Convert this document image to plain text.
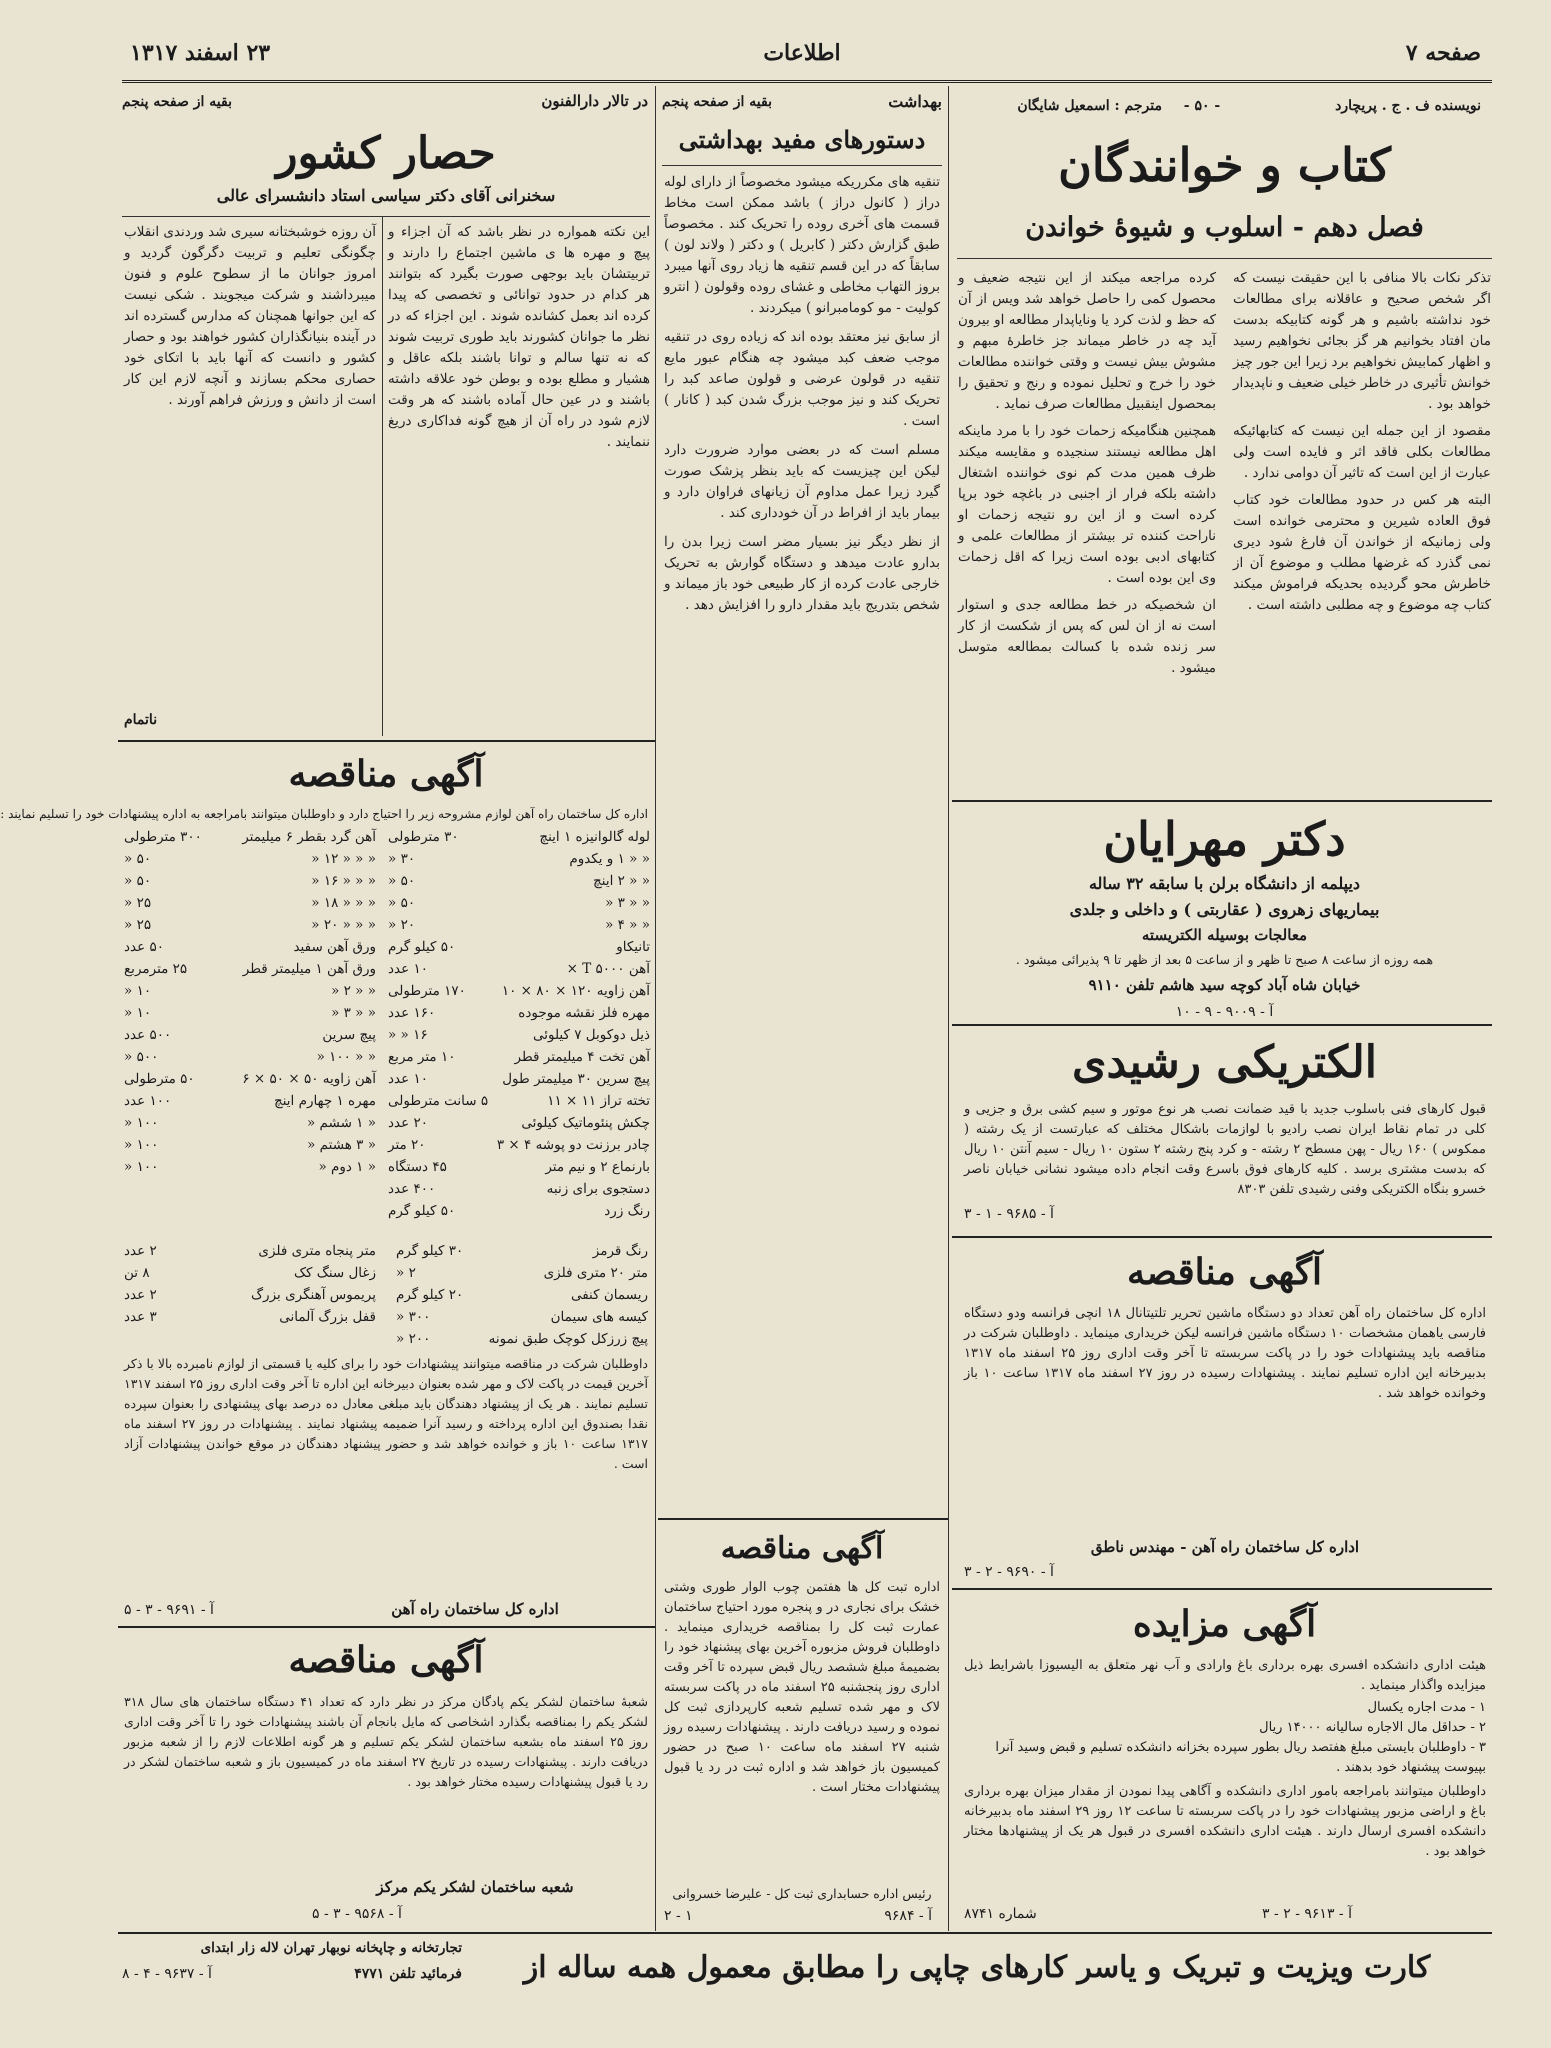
صفحه ۷
اطلاعات
۲۳ اسفند ۱۳۱۷
نویسنده ف . ج . پریچارد
- ۵۰ -
مترجم : اسمعیل شایگان
کتاب و خوانندگان
فصل دهم - اسلوب و شیوهٔ خواندن

تذکر نکات بالا منافی با این حقیقت نیست که اگر شخص صحیح و عاقلانه برای مطالعات خود نداشته باشیم و هر گونه کتابیکه بدست مان افتاد بخوانیم هر گز بجائی نخواهیم رسید و اظهار کمابیش نخواهیم برد زیرا این جور چیز خوانش تأثیری در خاطر خیلی ضعیف و ناپدیدار خواهد بود .

مقصود از این جمله این نیست که کتابهائیکه مطالعات بکلی فاقد اثر و فایده است ولی عبارت از این است که تاثیر آن دوامی ندارد .

البته هر کس در حدود مطالعات خود کتاب فوق العاده شیرین و محترمی خوانده است ولی زمانیکه از خواندن آن فارغ شود دیری نمی گذرد که غرضها مطلب و موضوع آن از خاطرش محو گردیده بحدیکه فراموش میکند کتاب چه موضوع و چه مطلبی داشته است .

کرده مراجعه میکند از این نتیجه ضعیف و محصول کمی را حاصل خواهد شد ویس از آن که حظ و لذت کرد یا ونایاپدار مطالعه او بیرون آید چه در خاطر میماند جز خاطرهٔ مبهم و مشوش بیش نیست و وقتی خواننده مطالعات خود را خرج و تحلیل نموده و رنج و تحقیق را بمحصول اینقبیل مطالعات صرف نماید .

همچنین هنگامیکه زحمات خود را با مرد ماینکه اهل مطالعه نیستند سنجیده و مقایسه میکند ظرف همین مدت کم نوی خواننده اشتغال داشته بلکه فرار از اجنبی در باغچه خود برپا کرده است و از این رو نتیجه زحمات او ناراحت کننده تر بیشتر از مطالعات علمی و کتابهای ادبی بوده است زیرا که اقل زحمات وی این بوده است .

ان شخصیکه در خط مطالعه جدی و استوار است نه از ان لس که پس از شکست از کار سر زنده شده با کسالت بمطالعه متوسل میشود .

دکتر مهرایان
دیپلمه از دانشگاه برلن با سابقه ۳۲ ساله
بیماریهای زهروی ( عقاربتی ) و داخلی و جلدی
معالجات بوسیله الکتریسته
همه روزه از ساعت ۸ صبح تا ظهر و از ساعت ۵ بعد از ظهر تا ۹ پذیرائی میشود .
خیابان شاه آباد کوچه سید هاشم تلفن ۹۱۱۰
آ - ۹۰۰۹ - ۹ - ۱۰
الکتریکی رشیدی
قبول کارهای فنی باسلوب جدید با قید ضمانت نصب هر نوع موتور و سیم کشی برق و جزیی و کلی در تمام نقاط ایران نصب رادیو با لوازمات باشکال مختلف که عبارتست از یک رشته ( ممکوس ) ۱۶۰ ریال - پهن مسطح ۲ رشته - و کرد پنج رشته ۲ ستون ۱۰ ریال - سیم آنتن ۱۰ ریال که بدست مشتری برسد . کلیه کارهای فوق باسرع وقت انجام داده میشود نشانی خیابان ناصر خسرو بنگاه الکتریکی وفنی رشیدی تلفن ۸۳۰۳
آ - ۹۶۸۵ - ۱ - ۳
آگهی مناقصه
اداره کل ساختمان راه آهن تعداد دو دستگاه ماشین تحریر تلتیتانال ۱۸ انچی فرانسه ودو دستگاه فارسی یاهمان مشخصات ۱۰ دستگاه ماشین فرانسه لیکن خریداری مینماید . داوطلبان شرکت در مناقصه باید پیشنهادات خود را در پاکت سربسته تا آخر وقت اداری روز ۲۵ اسفند ماه ۱۳۱۷ بدبیرخانه این اداره تسلیم نمایند . پیشنهادات رسیده در روز ۲۷ اسفند ماه ۱۳۱۷ ساعت ۱۰ باز وخوانده خواهد شد .
اداره کل ساختمان راه آهن - مهندس ناطق
آ - ۹۶۹۰ - ۲ - ۳
آگهی مزایده
هیئت اداری دانشکده افسری بهره برداری باغ وارادی و آب نهر متعلق به الیسیوزا باشرایط ذیل میزایده واگذار مینماید .
۱ - مدت اجاره یکسال
۲ - حداقل مال الاجاره سالیانه ۱۴۰۰۰ ریال
۳ - داوطلبان بایستی مبلغ هفتصد ریال بطور سپرده بخزانه دانشکده تسلیم و قبض وسید آنرا بپیوست پیشنهاد خود بدهند .
داوطلبان میتوانند بامراجعه بامور اداری دانشکده و آگاهی پیدا نمودن از مقدار میزان بهره برداری باغ و اراضی مزبور پیشنهادات خود را در پاکت سربسته تا ساعت ۱۲ روز ۲۹ اسفند ماه بدبیرخانه دانشکده افسری ارسال دارند . هیئت اداری دانشکده افسری در قبول هر یک از پیشنهادها مختار خواهد بود .
شماره ۸۷۴۱	آ - ۹۶۱۳ - ۲ - ۳
بهداشت
بقیه از صفحه پنجم
دستورهای مفید بهداشتی

تنقیه های مکرریکه میشود مخصوصاً از دارای لوله دراز ( کانول دراز ) باشد ممکن است مخاط قسمت های آخری روده را تحریک کند . مخصوصاً طبق گزارش دکتر ( کابریل ) و دکتر ( ولاند لون ) سابقاً که در این قسم تنقیه ها زیاد روی آنها میبرد بروز التهاب مخاطی و غشای روده وقولون ( انترو کولیت - مو کومامبرانو ) میکردند .

از سابق نیز معتقد بوده اند که زیاده روی در تنقیه موجب ضعف کبد میشود چه هنگام عبور مایع تنقیه در قولون عرضی و قولون صاعد کبد را تحریک کند و نیز موجب بزرگ شدن کبد ( کانار ) است .

مسلم است که در بعضی موارد ضرورت دارد لیکن این چیزیست که باید بنظر پزشک صورت گیرد زیرا عمل مداوم آن زیانهای فراوان دارد و بیمار باید از افراط در آن خودداری کند .

از نظر دیگر نیز بسیار مضر است زیرا بدن را بدارو عادت میدهد و دستگاه گوارش به تحریک خارجی عادت کرده از کار طبیعی خود باز میماند و شخص بتدریج باید مقدار دارو را افزایش دهد .

آگهی مناقصه
اداره تبت کل ها هفتمن چوب الوار طوری وشتی خشک برای نجاری در و پنجره مورد احتیاج ساختمان عمارت ثبت کل را بمناقصه خریداری مینماید . داوطلبان فروش مزبوره آخرین بهای پیشنهاد خود را بضمیمهٔ مبلغ ششصد ریال قبض سپرده تا آخر وقت اداری روز پنجشنبه ۲۵ اسفند ماه در پاکت سربسته لاک و مهر شده تسلیم شعبه کارپردازی ثبت کل نموده و رسید دریافت دارند . پیشنهادات رسیده روز شنبه ۲۷ اسفند ماه ساعت ۱۰ صبح در حضور کمیسیون باز خواهد شد و اداره ثبت در رد یا قبول پیشنهادات مختار است .
رئیس اداره حسابداری ثبت کل - علیرضا خسروانی
۱ - ۲	آ - ۹۶۸۴
در تالار دارالفنون
بقیه از صفحه پنجم
حصار کشور
سخنرانی آقای دکتر سیاسی استاد دانشسرای عالی
این نکته همواره در نظر باشد که آن اجزاء و پیچ و مهره ها ی ماشین اجتماع را دارند و تربیتشان باید بوجهی صورت بگیرد که بتوانند هر کدام در حدود توانائی و تخصصی که پیدا کرده اند بعمل کشانده شوند . این اجزاء که در نظر ما جوانان کشورند باید طوری تربیت شوند که نه تنها سالم و توانا باشند بلکه عاقل و هشیار و مطلع بوده و بوطن خود علاقه داشته باشند و در عین حال آماده باشند که هر وقت لازم شود در راه آن از هیچ گونه فداکاری دریغ ننمایند .
آن روزه خوشبختانه سیری شد وردندی انقلاب چگونگی تعلیم و تربیت دگرگون گردید و امروز جوانان ما از سطوح علوم و فنون میبرداشند و شرکت میجویند . شکی نیست که این جوانها همچنان که مدارس گسترده اند در آینده بنیانگذاران کشور خواهند بود و حصار کشور و دانست که آنها باید با اتکای خود حصاری محکم بسازند و آنچه لازم این کار است از دانش و ورزش فراهم آورند .
ناتمام
آگهی مناقصه
اداره کل ساختمان راه آهن لوازم مشروحه زیر را احتیاج دارد و داوطلبان میتوانند بامراجعه به اداره پیشنهادات خود را تسلیم نمایند :
لوله گالوانیزه ۱ اینچ
۳۰ مترطولی
« « ۱ و یکدوم
۳۰ «
« « ۲ اینچ
۵۰ «
« « ۳ «
۵۰ «
« « ۴ «
۲۰ «
تانیکاو
۵۰ کیلو گرم
آهن T ۵۰۰۰ ×
۱۰ عدد
آهن زاویه ۱۲۰ × ۸۰ × ۱۰
۱۷۰ مترطولی
مهره فلز نقشه موجوده
۱۶۰ عدد
ذیل دوکوبل ۷ کیلوئی
۱۶ « «
آهن تخت ۴ میلیمتر قطر
۱۰ متر مربع
پیچ سرین ۳۰ میلیمتر طول
۱۰ عدد
تخته تراز ۱۱ × ۱۱
۵ سانت مترطولی
چکش پنئوماتیک کیلوئی
۲۰ عدد
چادر برزنت دو پوشه ۴ × ۳
۲۰ متر
بارنماع ۲ و نیم متر
۴۵ دستگاه
دستجوی برای زنبه
۴۰۰ عدد
رنگ زرد
۵۰ کیلو گرم
آهن گرد بقطر ۶ میلیمتر
۳۰۰ مترطولی
« « « ۱۲ «
۵۰ «
« « « ۱۶ «
۵۰ «
« « « ۱۸ «
۲۵ «
« « « ۲۰ «
۲۵ «
ورق آهن سفید
۵۰ عدد
ورق آهن ۱ میلیمتر قطر
۲۵ مترمربع
« « ۲ «
۱۰ «
« « ۳ «
۱۰ «
پیچ سرین
۵۰۰ عدد
« « ۱۰۰ «
۵۰۰ «
آهن زاویه ۵۰ × ۵۰ × ۶
۵۰ مترطولی
مهره ۱ چهارم اینچ
۱۰۰ عدد
« ۱ ششم «
۱۰۰ «
« ۳ هشتم «
۱۰۰ «
« ۱ دوم «
۱۰۰ «
رنگ قرمز
۳۰ کیلو گرم
متر پنجاه متری فلزی
۲ عدد
متر ۲۰ متری فلزی
۲ «
زغال سنگ کک
۸ تن
ریسمان کنفی
۲۰ کیلو گرم
پریموس آهنگری بزرگ
۲ عدد
کیسه های سیمان
۳۰۰ «
قفل بزرگ آلمانی
۳ عدد
پیچ زرزکل کوچک طبق نمونه
۲۰۰ «
داوطلبان شرکت در مناقصه میتوانند پیشنهادات خود را برای کلیه یا قسمتی از لوازم نامبرده بالا با ذکر آخرین قیمت در پاکت لاک و مهر شده بعنوان دبیرخانه این اداره تا آخر وقت اداری روز ۲۵ اسفند ۱۳۱۷ تسلیم نمایند . هر یک از پیشنهاد دهندگان باید مبلغی معادل ده درصد بهای پیشنهادی را بعنوان سپرده نقدا بصندوق این اداره پرداخته و رسید آنرا ضمیمه پیشنهاد نمایند . پیشنهادات در روز ۲۷ اسفند ماه ۱۳۱۷ ساعت ۱۰ باز و خوانده خواهد شد و حضور پیشنهاد دهندگان در موقع خواندن پیشنهادات آزاد است .
اداره کل ساختمان راه آهن
آ - ۹۶۹۱ - ۳ - ۵
آگهی مناقصه
شعبهٔ ساختمان لشکر یکم پادگان مرکز در نظر دارد که تعداد ۴۱ دستگاه ساختمان های سال ۳۱۸ لشکر یکم را بمناقصه بگذارد اشخاصی که مایل بانجام آن باشند پیشنهادات خود را تا آخر وقت اداری روز ۲۵ اسفند ماه بشعبه ساختمان لشکر یکم تسلیم و هر گونه اطلاعات لازم را از شعبه مزبور دریافت دارند . پیشنهادات رسیده در تاریخ ۲۷ اسفند ماه در کمیسیون باز و شعبه ساختمان لشکر در رد یا قبول پیشنهادات رسیده مختار خواهد بود .
شعبه ساختمان لشکر یکم مرکز
آ - ۹۵۶۸ - ۳ - ۵
تجارتخانه و چاپخانه نوبهار تهران لاله زار ابتدای
کارت ویزیت و تبریک و یاسر کارهای چاپی را مطابق معمول همه ساله از
فرمائید تلفن ۴۷۷۱
آ - ۹۶۳۷ - ۴ - ۸
